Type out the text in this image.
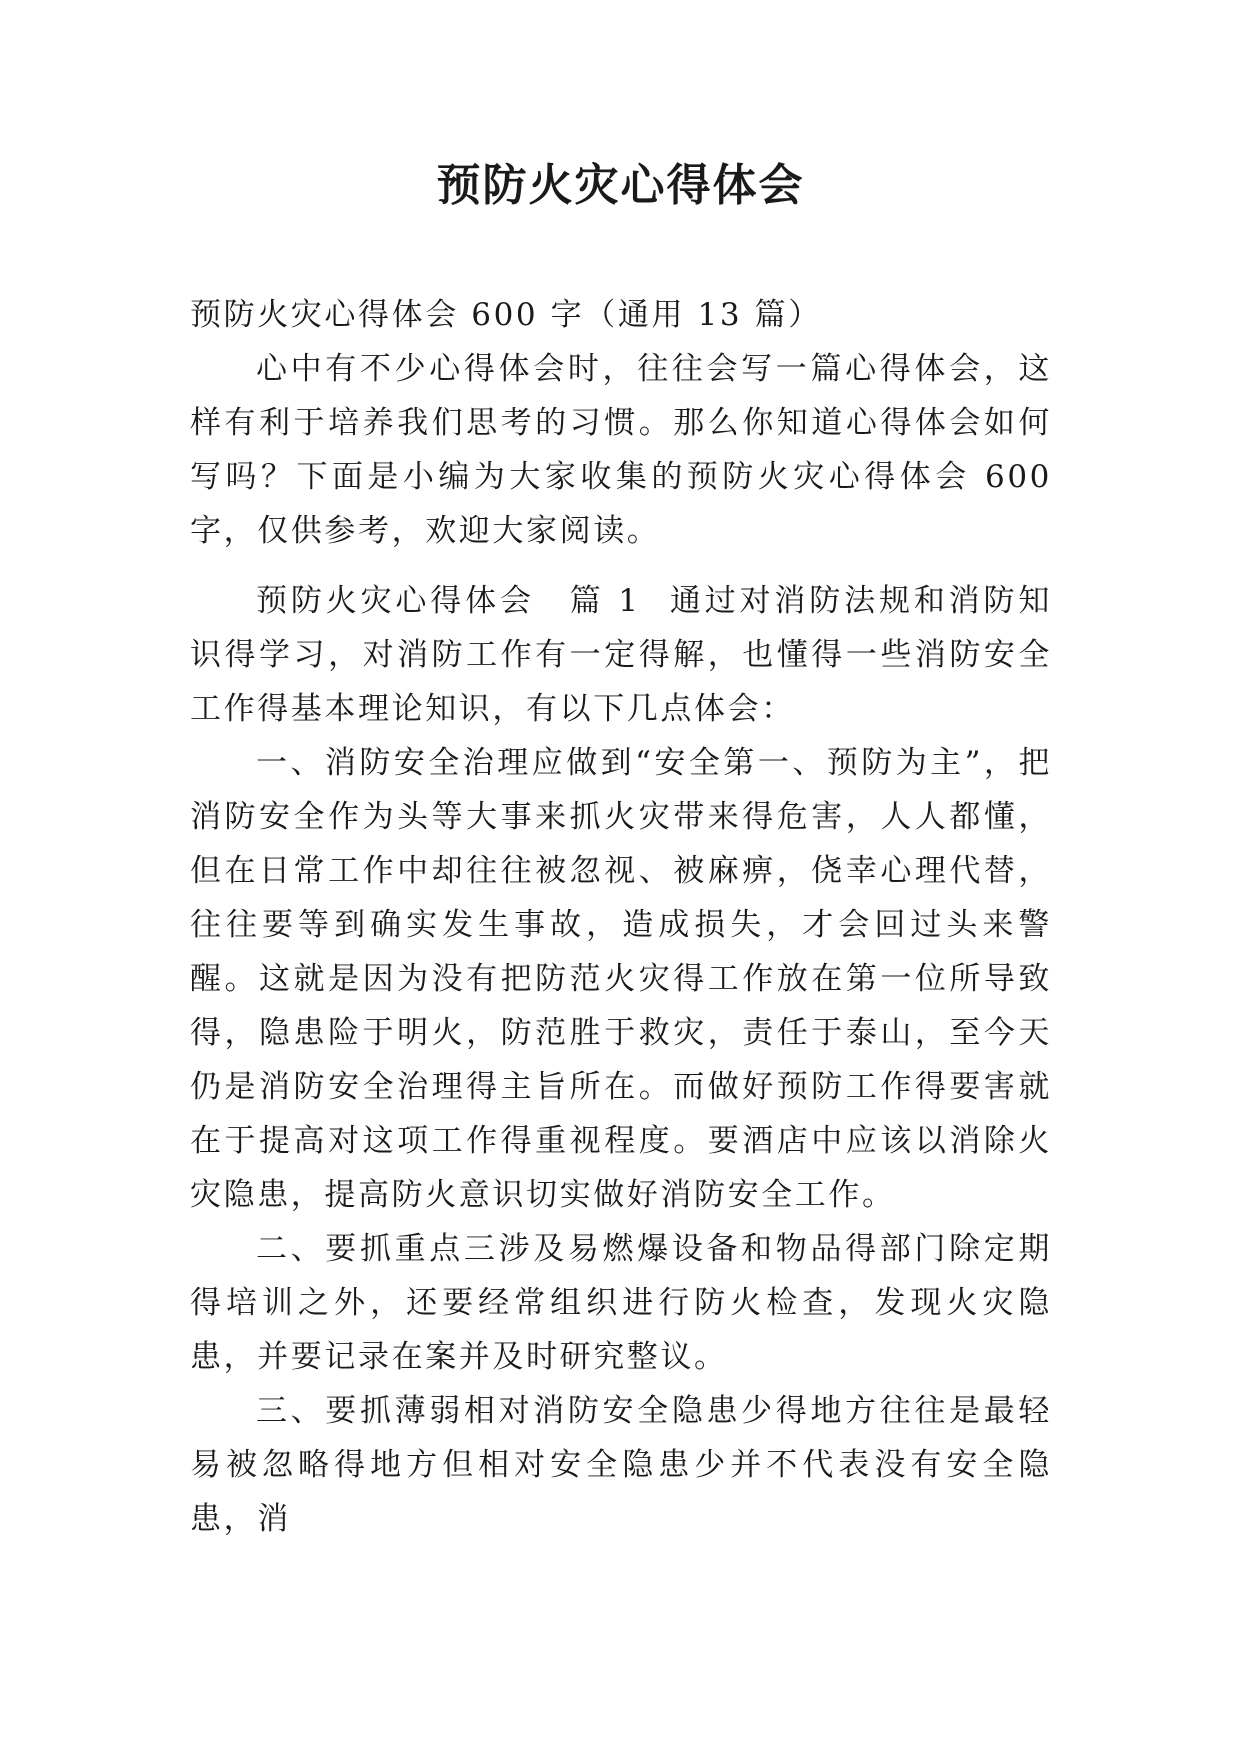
预防火灾心得体会

预防火灾心得体会 600 字（通用 13 篇）

心中有不少心得体会时，往往会写一篇心得体会，这样有利于培养我们思考的习惯。那么你知道心得体会如何写吗？下面是小编为大家收集的预防火灾心得体会 600 字，仅供参考，欢迎大家阅读。

预防火灾心得体会　篇 1 通过对消防法规和消防知识得学习，对消防工作有一定得解，也懂得一些消防安全工作得基本理论知识，有以下几点体会：

一、消防安全治理应做到“安全第一、预防为主”，把消防安全作为头等大事来抓火灾带来得危害，人人都懂，但在日常工作中却往往被忽视、被麻痹，侥幸心理代替，往往要等到确实发生事故，造成损失，才会回过头来警醒。这就是因为没有把防范火灾得工作放在第一位所导致得，隐患险于明火，防范胜于救灾，责任于泰山，至今天仍是消防安全治理得主旨所在。而做好预防工作得要害就在于提高对这项工作得重视程度。要酒店中应该以消除火灾隐患，提高防火意识切实做好消防安全工作。

二、要抓重点三涉及易燃爆设备和物品得部门除定期得培训之外，还要经常组织进行防火检查，发现火灾隐患，并要记录在案并及时研究整议。

三、要抓薄弱相对消防安全隐患少得地方往往是最轻易被忽略得地方但相对安全隐患少并不代表没有安全隐患，消
